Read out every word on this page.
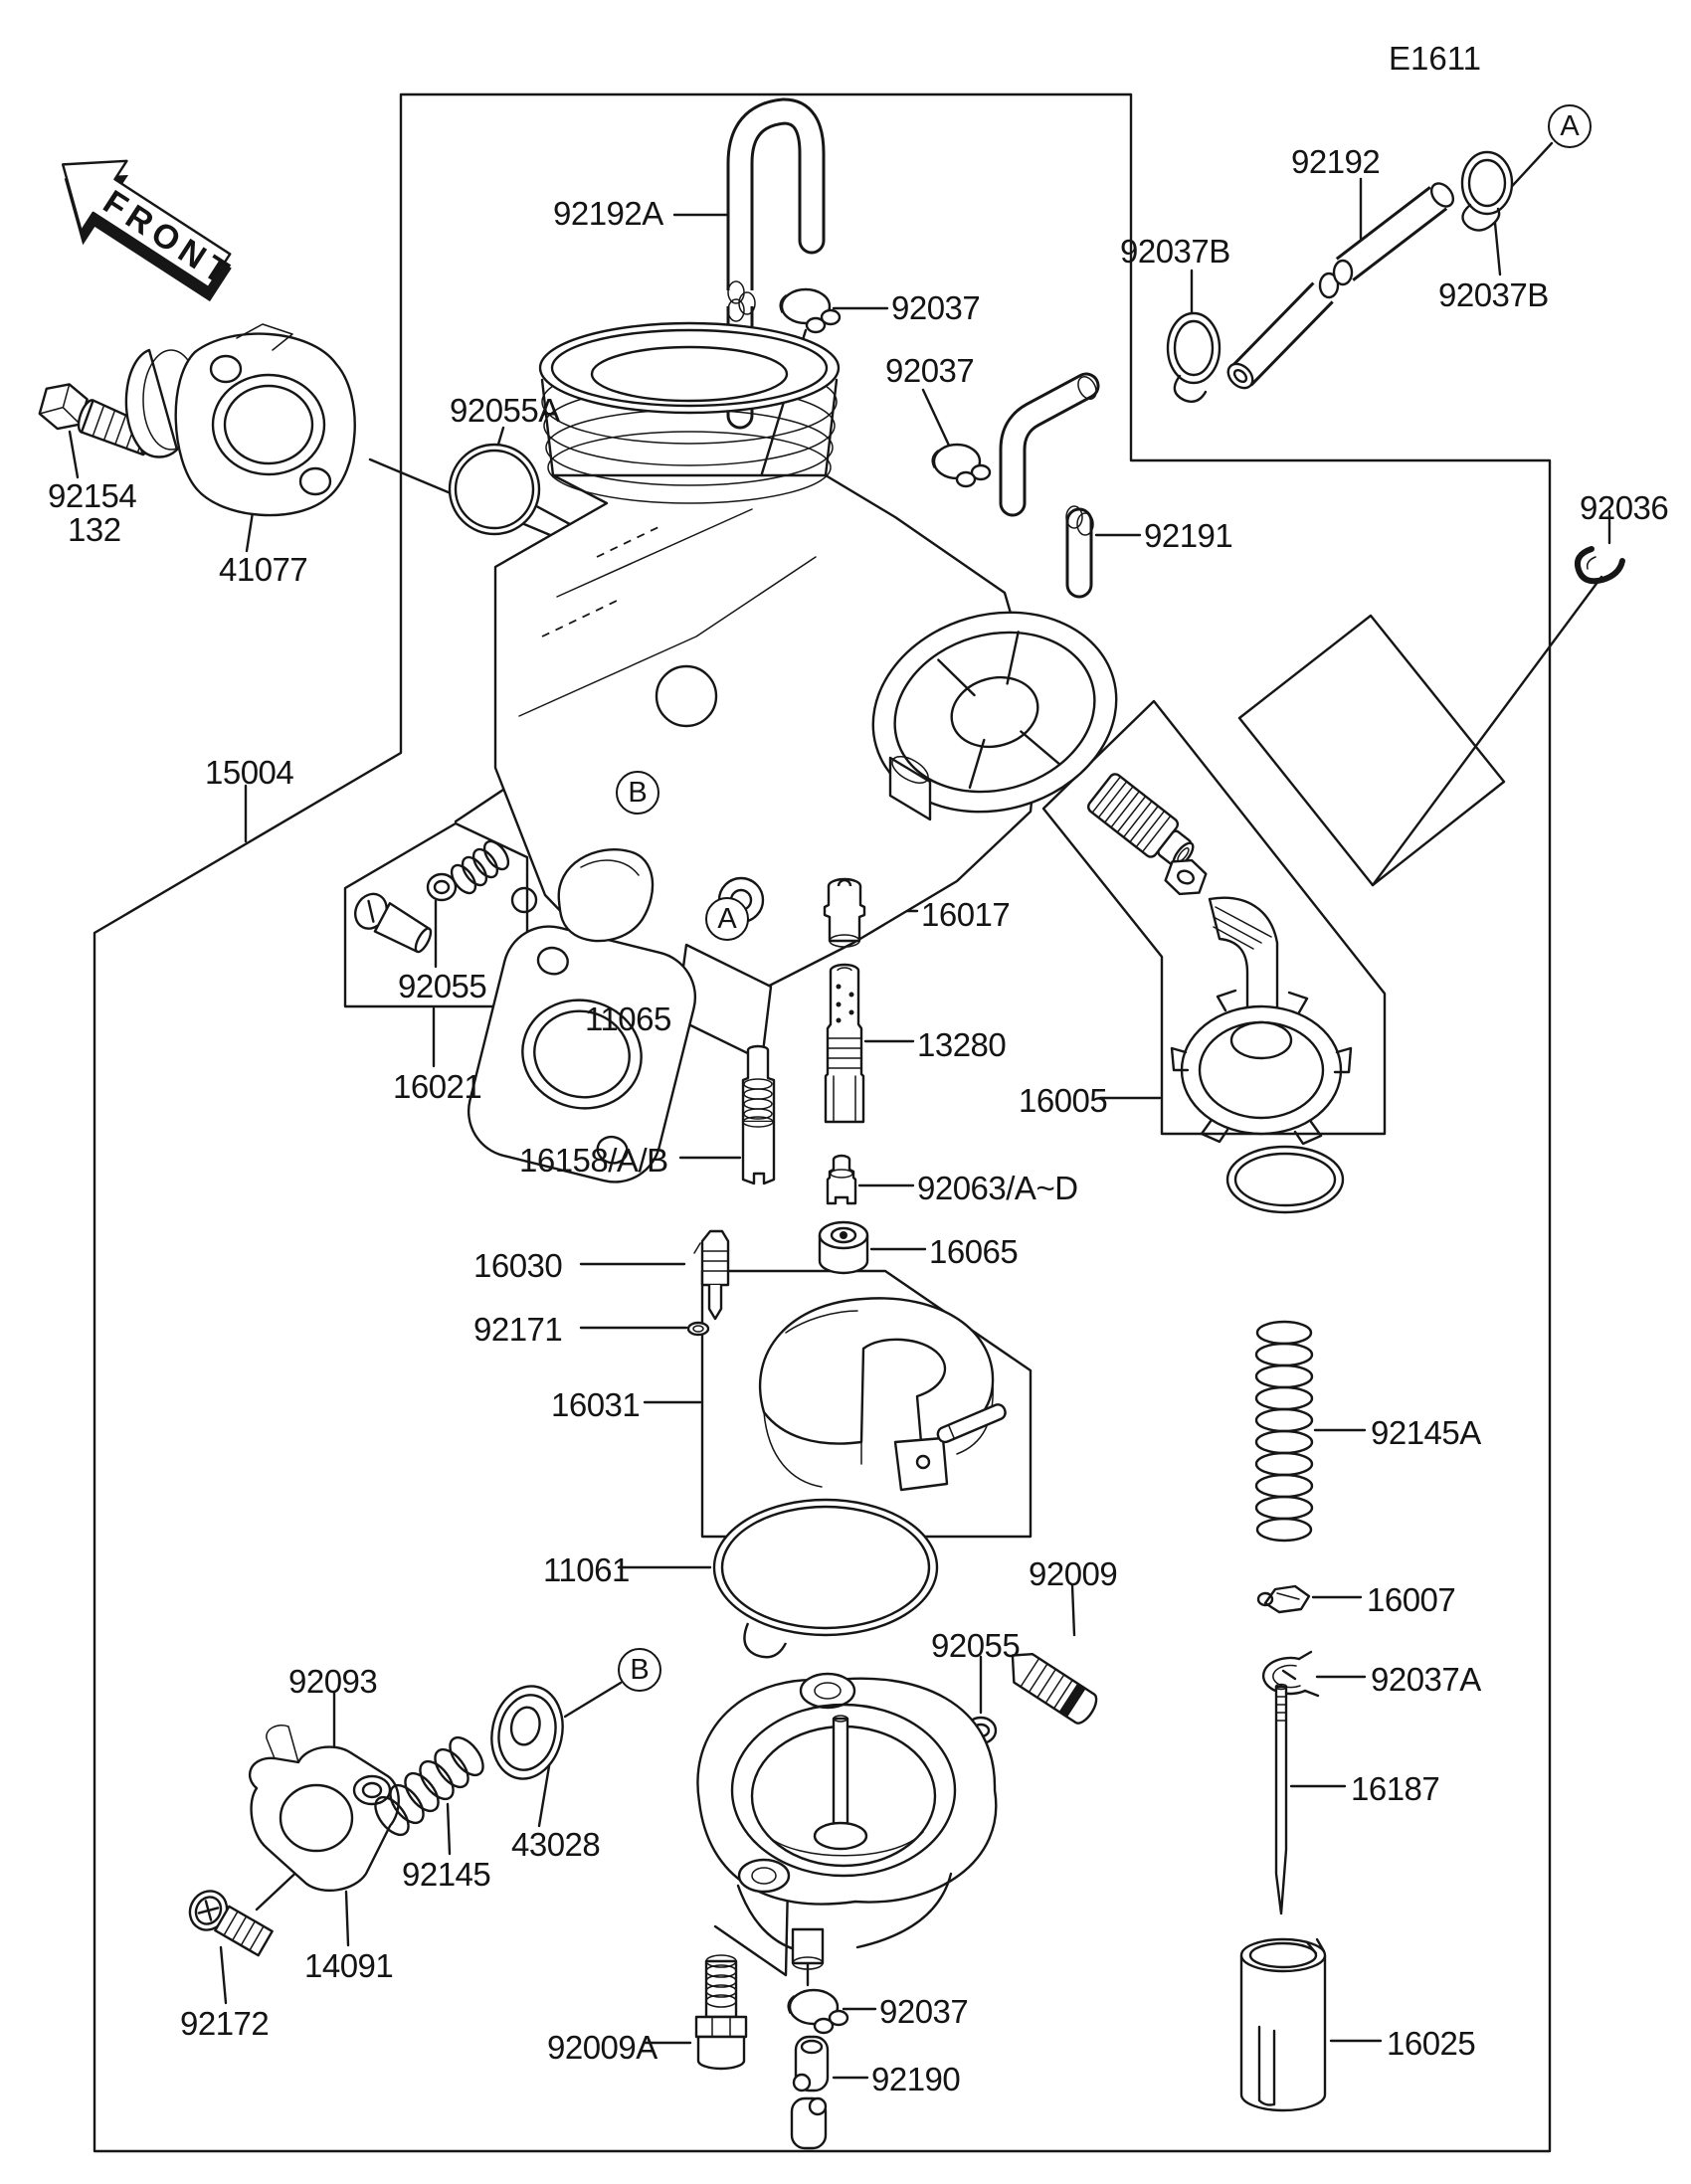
FRONT
E1611
92192
92037B
92037B
92192A
92037
92037
92055A
92154
132
41077
92191
92036
15004
16017
11065
13280
92055
16021
16158/A/B
16005
92063/A~D
16065
16030
92171
16031
92145A
16007
92037A
11061	92009
92055
16187
92093
43028
92145
14091
92172
92009A
92037
92190
16025
A
B
A
B
